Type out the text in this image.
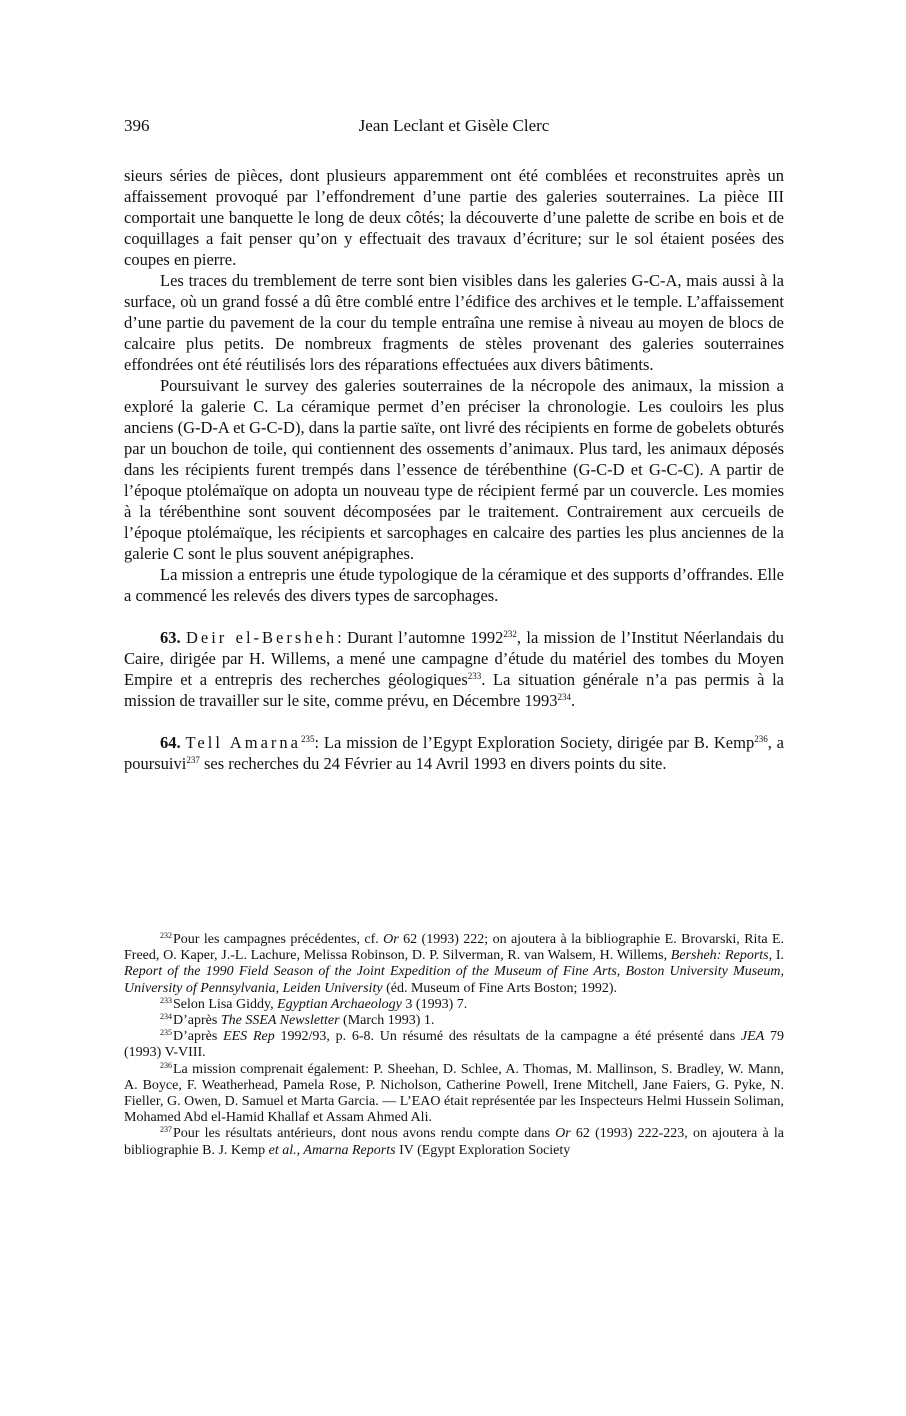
396	Jean Leclant et Gisèle Clerc

sieurs séries de pièces, dont plusieurs apparemment ont été comblées et reconstruites après un affaissement provoqué par l’effondrement d’une partie des galeries souterraines. La pièce III comportait une banquette le long de deux côtés; la découverte d’une palette de scribe en bois et de coquillages a fait penser qu’on y effectuait des travaux d’écriture; sur le sol étaient posées des coupes en pierre.

Les traces du tremblement de terre sont bien visibles dans les galeries G-C-A, mais aussi à la surface, où un grand fossé a dû être comblé entre l’édifice des archives et le temple. L’affaissement d’une partie du pavement de la cour du temple entraîna une remise à niveau au moyen de blocs de calcaire plus petits. De nombreux fragments de stèles provenant des galeries souterraines effondrées ont été réutilisés lors des réparations effectuées aux divers bâtiments.

Poursuivant le survey des galeries souterraines de la nécropole des animaux, la mission a exploré la galerie C. La céramique permet d’en préciser la chronologie. Les couloirs les plus anciens (G-D-A et G-C-D), dans la partie saïte, ont livré des récipients en forme de gobelets obturés par un bouchon de toile, qui contiennent des ossements d’animaux. Plus tard, les animaux déposés dans les récipients furent trempés dans l’essence de térébenthine (G-C-D et G-C-C). A partir de l’époque ptolémaïque on adopta un nouveau type de récipient fermé par un couvercle. Les momies à la térébenthine sont souvent décomposées par le traitement. Contrairement aux cercueils de l’époque ptolémaïque, les récipients et sarcophages en calcaire des parties les plus anciennes de la galerie C sont le plus souvent anépigraphes.

La mission a entrepris une étude typologique de la céramique et des supports d’offrandes. Elle a commencé les relevés des divers types de sarcophages.

63. Deir el-Bersheh: Durant l’automne 1992$^{232}$, la mission de l’Institut Néerlandais du Caire, dirigée par H. Willems, a mené une campagne d’étude du matériel des tombes du Moyen Empire et a entrepris des recherches géologiques$^{233}$. La situation générale n’a pas permis à la mission de travailler sur le site, comme prévu, en Décembre 1993$^{234}$.

64. Tell Amarna$^{235}$: La mission de l’Egypt Exploration Society, dirigée par B. Kemp$^{236}$, a poursuivi$^{237}$ ses recherches du 24 Février au 14 Avril 1993 en divers points du site.

$^{232}$Pour les campagnes précédentes, cf. Or 62 (1993) 222; on ajoutera à la bibliographie E. Brovarski, Rita E. Freed, O. Kaper, J.-L. Lachure, Melissa Robinson, D. P. Silverman, R. van Walsem, H. Willems, Bersheh: Reports, I. Report of the 1990 Field Season of the Joint Expedition of the Museum of Fine Arts, Boston University Museum, University of Pennsylvania, Leiden University (éd. Museum of Fine Arts Boston; 1992).

$^{233}$Selon Lisa Giddy, Egyptian Archaeology 3 (1993) 7.

$^{234}$D’après The SSEA Newsletter (March 1993) 1.

$^{235}$D’après EES Rep 1992/93, p. 6-8. Un résumé des résultats de la campagne a été présenté dans JEA 79 (1993) V-VIII.

$^{236}$La mission comprenait également: P. Sheehan, D. Schlee, A. Thomas, M. Mallinson, S. Bradley, W. Mann, A. Boyce, F. Weatherhead, Pamela Rose, P. Nicholson, Catherine Powell, Irene Mitchell, Jane Faiers, G. Pyke, N. Fieller, G. Owen, D. Samuel et Marta Garcia. — L’EAO était représentée par les Inspecteurs Helmi Hussein Soliman, Mohamed Abd el-Hamid Khallaf et Assam Ahmed Ali.

$^{237}$Pour les résultats antérieurs, dont nous avons rendu compte dans Or 62 (1993) 222-223, on ajoutera à la bibliographie B. J. Kemp et al., Amarna Reports IV (Egypt Exploration Society
